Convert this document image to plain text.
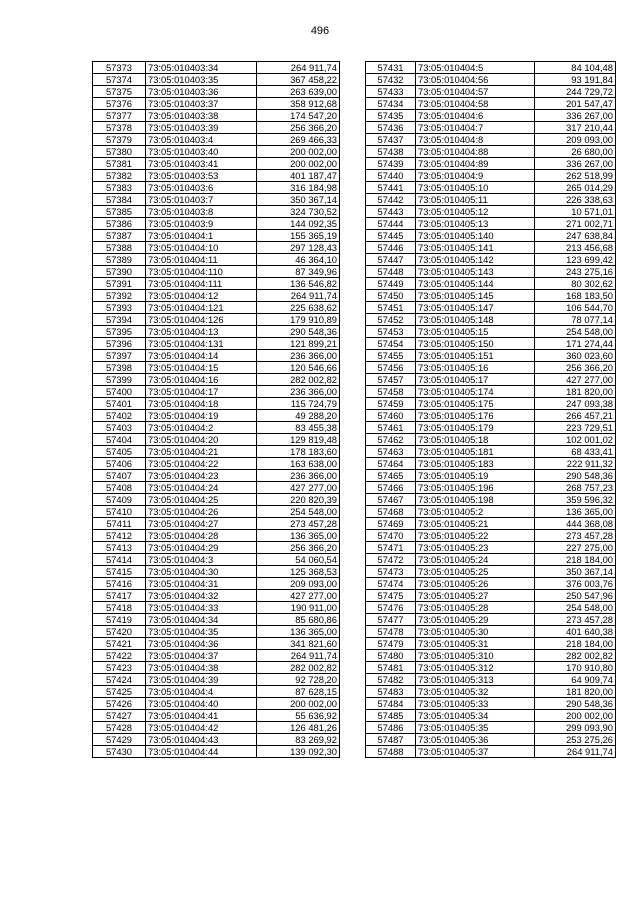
496
57373	73:05:010403:34	264 911,74
57374	73:05:010403:35	367 458,22
57375	73:05:010403:36	263 639,00
57376	73:05:010403:37	358 912,68
57377	73:05:010403:38	174 547,20
57378	73:05:010403:39	256 366,20
57379	73:05:010403:4	269 466,33
57380	73:05:010403:40	200 002,00
57381	73:05:010403:41	200 002,00
57382	73:05:010403:53	401 187,47
57383	73:05:010403:6	316 184,98
57384	73:05:010403:7	350 367,14
57385	73:05:010403:8	324 730,52
57386	73:05:010403:9	144 092,35
57387	73:05:010404:1	155 365,19
57388	73:05:010404:10	297 128,43
57389	73:05:010404:11	46 364,10
57390	73:05:010404:110	87 349,96
57391	73:05:010404:111	136 546,82
57392	73:05:010404:12	264 911,74
57393	73:05:010404:121	225 638,62
57394	73:05:010404:126	179 910,89
57395	73:05:010404:13	290 548,36
57396	73:05:010404:131	121 899,21
57397	73:05:010404:14	236 366,00
57398	73:05:010404:15	120 546,66
57399	73:05:010404:16	282 002,82
57400	73:05:010404:17	236 366,00
57401	73:05:010404:18	115 724,79
57402	73:05:010404:19	49 288,20
57403	73:05:010404:2	83 455,38
57404	73:05:010404:20	129 819,48
57405	73:05:010404:21	178 183,60
57406	73:05:010404:22	163 638,00
57407	73:05:010404:23	236 366,00
57408	73:05:010404:24	427 277,00
57409	73:05:010404:25	220 820,39
57410	73:05:010404:26	254 548,00
57411	73:05:010404:27	273 457,28
57412	73:05:010404:28	136 365,00
57413	73:05:010404:29	256 366,20
57414	73:05:010404:3	54 060,54
57415	73:05:010404:30	125 368,53
57416	73:05:010404:31	209 093,00
57417	73:05:010404:32	427 277,00
57418	73:05:010404:33	190 911,00
57419	73:05:010404:34	85 680,86
57420	73:05:010404:35	136 365,00
57421	73:05:010404:36	341 821,60
57422	73:05:010404:37	264 911,74
57423	73:05:010404:38	282 002,82
57424	73:05:010404:39	92 728,20
57425	73:05:010404:4	87 628,15
57426	73:05:010404:40	200 002,00
57427	73:05:010404:41	55 636,92
57428	73:05:010404:42	126 481,26
57429	73:05:010404:43	83 269,92
57430	73:05:010404:44	139 092,30
57431	73:05:010404:5	84 104,48
57432	73:05:010404:56	93 191,84
57433	73:05:010404:57	244 729,72
57434	73:05:010404:58	201 547,47
57435	73:05:010404:6	336 267,00
57436	73:05:010404:7	317 210,44
57437	73:05:010404:8	209 093,00
57438	73:05:010404:88	26 680,00
57439	73:05:010404:89	336 267,00
57440	73:05:010404:9	262 518,99
57441	73:05:010405:10	265 014,29
57442	73:05:010405:11	226 338,63
57443	73:05:010405:12	10 571,01
57444	73:05:010405:13	271 002,71
57445	73:05:010405:140	247 638,84
57446	73:05:010405:141	213 456,68
57447	73:05:010405:142	123 699,42
57448	73:05:010405:143	243 275,16
57449	73:05:010405:144	80 302,62
57450	73:05:010405:145	168 183,50
57451	73:05:010405:147	106 544,70
57452	73:05:010405:148	78 077,14
57453	73:05:010405:15	254 548,00
57454	73:05:010405:150	171 274,44
57455	73:05:010405:151	360 023,60
57456	73:05:010405:16	256 366,20
57457	73:05:010405:17	427 277,00
57458	73:05:010405:174	181 820,00
57459	73:05:010405:175	247 093,38
57460	73:05:010405:176	266 457,21
57461	73:05:010405:179	223 729,51
57462	73:05:010405:18	102 001,02
57463	73:05:010405:181	68 433,41
57464	73:05:010405:183	222 911,32
57465	73:05:010405:19	290 548,36
57466	73:05:010405:196	268 757,23
57467	73:05:010405:198	359 596,32
57468	73:05:010405:2	136 365,00
57469	73:05:010405:21	444 368,08
57470	73:05:010405:22	273 457,28
57471	73:05:010405:23	227 275,00
57472	73:05:010405:24	218 184,00
57473	73:05:010405:25	350 367,14
57474	73:05:010405:26	376 003,76
57475	73:05:010405:27	250 547,96
57476	73:05:010405:28	254 548,00
57477	73:05:010405:29	273 457,28
57478	73:05:010405:30	401 640,38
57479	73:05:010405:31	218 184,00
57480	73:05:010405:310	282 002,82
57481	73:05:010405:312	170 910,80
57482	73:05:010405:313	64 909,74
57483	73:05:010405:32	181 820,00
57484	73:05:010405:33	290 548,36
57485	73:05:010405:34	200 002,00
57486	73:05:010405:35	299 093,90
57487	73:05:010405:36	253 275,26
57488	73:05:010405:37	264 911,74
